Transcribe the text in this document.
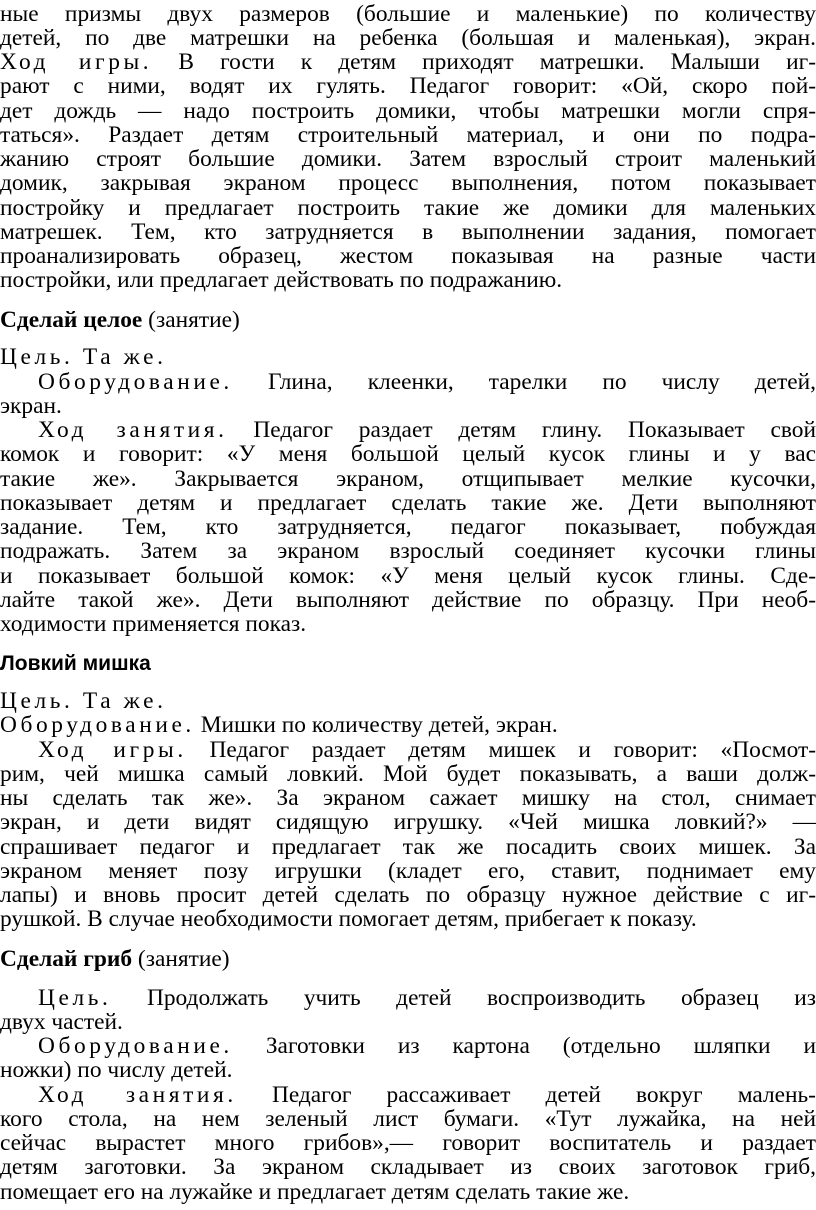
ные призмы двух размеров (большие и маленькие) по количеству
детей, по две матрешки на ребенка (большая и маленькая), экран.
Ход игры. В гости к детям приходят матрешки. Малыши иг-
рают с ними, водят их гулять. Педагог говорит: «Ой, скоро пой-
дет дождь — надо построить домики, чтобы матрешки могли спря-
таться». Раздает детям строительный материал, и они по подра-
жанию строят большие домики. Затем взрослый строит маленький
домик, закрывая экраном процесс выполнения, потом показывает
постройку и предлагает построить такие же домики для маленьких
матрешек. Тем, кто затрудняется в выполнении задания, помогает
проанализировать образец, жестом показывая на разные части
постройки, или предлагает действовать по подражанию.
Сделай целое (занятие)
Цель. Та же.
Оборудование. Глина, клеенки, тарелки по числу детей,
экран.
Ход занятия. Педагог раздает детям глину. Показывает свой
комок и говорит: «У меня большой целый кусок глины и у вас
такие же». Закрывается экраном, отщипывает мелкие кусочки,
показывает детям и предлагает сделать такие же. Дети выполняют
задание. Тем, кто затрудняется, педагог показывает, побуждая
подражать. Затем за экраном взрослый соединяет кусочки глины
и показывает большой комок: «У меня целый кусок глины. Сде-
лайте такой же». Дети выполняют действие по образцу. При необ-
ходимости применяется показ.
Ловкий мишка
Цель. Та же.
Оборудование. Мишки по количеству детей, экран.
Ход игры. Педагог раздает детям мишек и говорит: «Посмот-
рим, чей мишка самый ловкий. Мой будет показывать, а ваши долж-
ны сделать так же». За экраном сажает мишку на стол, снимает
экран, и дети видят сидящую игрушку. «Чей мишка ловкий?» —
спрашивает педагог и предлагает так же посадить своих мишек. За
экраном меняет позу игрушки (кладет его, ставит, поднимает ему
лапы) и вновь просит детей сделать по образцу нужное действие с иг-
рушкой. В случае необходимости помогает детям, прибегает к показу.
Сделай гриб (занятие)
Цель. Продолжать учить детей воспроизводить образец из
двух частей.
Оборудование. Заготовки из картона (отдельно шляпки и
ножки) по числу детей.
Ход занятия. Педагог рассаживает детей вокруг малень-
кого стола, на нем зеленый лист бумаги. «Тут лужайка, на ней
сейчас вырастет много грибов»,— говорит воспитатель и раздает
детям заготовки. За экраном складывает из своих заготовок гриб,
помещает его на лужайке и предлагает детям сделать такие же.
